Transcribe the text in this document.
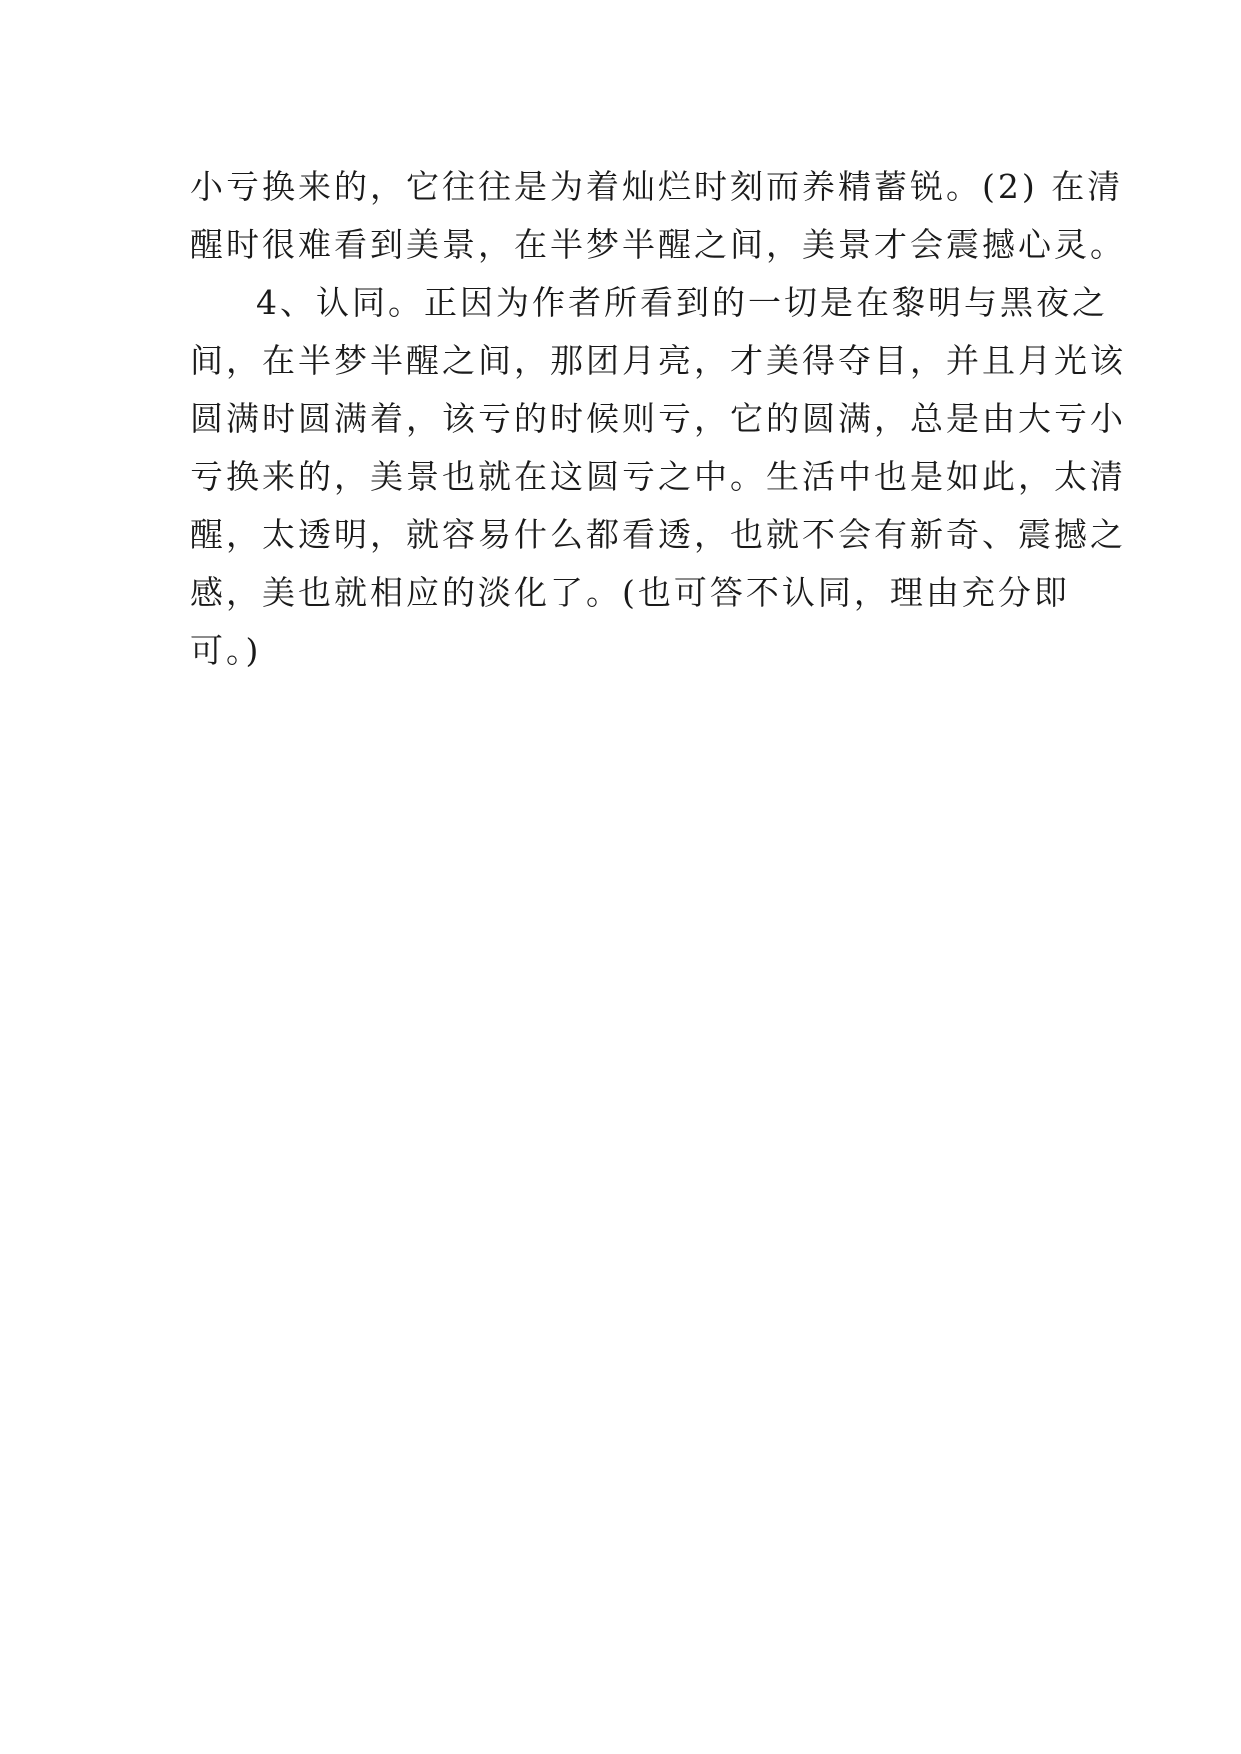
小亏换来的，它往往是为着灿烂时刻而养精蓄锐。(2) 在清
醒时很难看到美景，在半梦半醒之间，美景才会震撼心灵。
4、认同。正因为作者所看到的一切是在黎明与黑夜之
间，在半梦半醒之间，那团月亮，才美得夺目，并且月光该
圆满时圆满着，该亏的时候则亏，它的圆满，总是由大亏小
亏换来的，美景也就在这圆亏之中。生活中也是如此，太清
醒，太透明，就容易什么都看透，也就不会有新奇、震撼之
感，美也就相应的淡化了。(也可答不认同，理由充分即
可。)
